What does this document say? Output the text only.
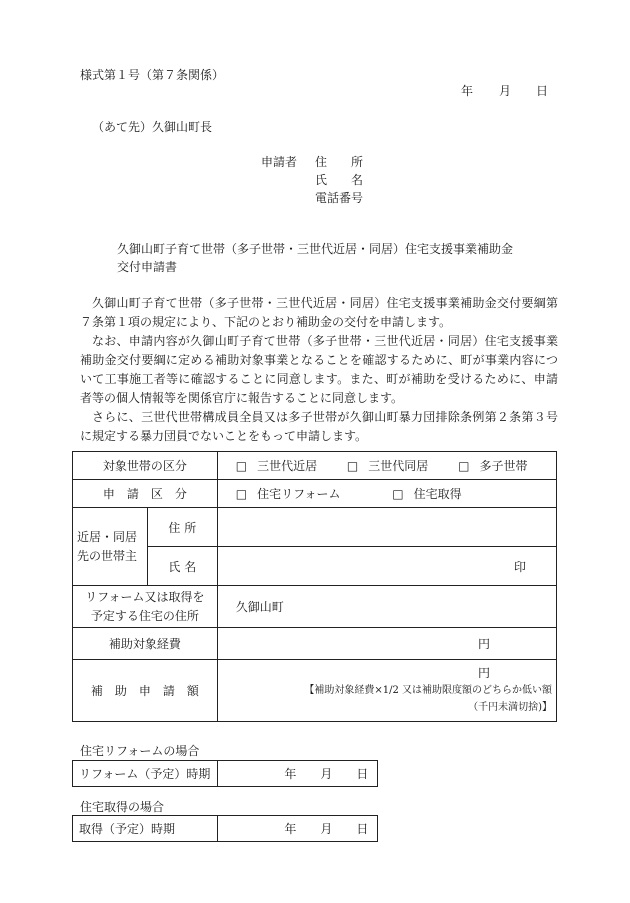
様式第１号（第７条関係）
年 月 日
（あて先）久御山町長
申請者 住　　所
氏　　名
電話番号
久御山町子育て世帯（多子世帯・三世代近居・同居）住宅支援事業補助金
交付申請書

久御山町子育て世帯（多子世帯・三世代近居・同居）住宅支援事業補助金交付要綱第７条第１項の規定により、下記のとおり補助金の交付を申請します。

なお、申請内容が久御山町子育て世帯（多子世帯・三世代近居・同居）住宅支援事業補助金交付要綱に定める補助対象事業となることを確認するために、町が事業内容について工事施工者等に確認することに同意します。また、町が補助を受けるために、申請者等の個人情報等を関係官庁に報告することに同意します。

さらに、三世代世帯構成員全員又は多子世帯が久御山町暴力団排除条例第２条第３号に規定する暴力団員でないことをもって申請します。

対象世帯の区分		□ 三世代近居 □ 三世代同居 □ 多子世帯
申　請　区　分		□ 住宅リフォーム □ 住宅取得
近居・同居先の世帯主	住 所	
	氏 名	印
リフォーム又は取得を予定する住宅の住所		久御山町
補助対象経費		円
補　助　申　請　額		円
【補助対象経費×1/2 又は補助限度額のどちらか低い額
（千円未満切捨)】
住宅リフォームの場合
リフォーム（予定）時期	年 月 日
住宅取得の場合
取得（予定）時期	年 月 日
